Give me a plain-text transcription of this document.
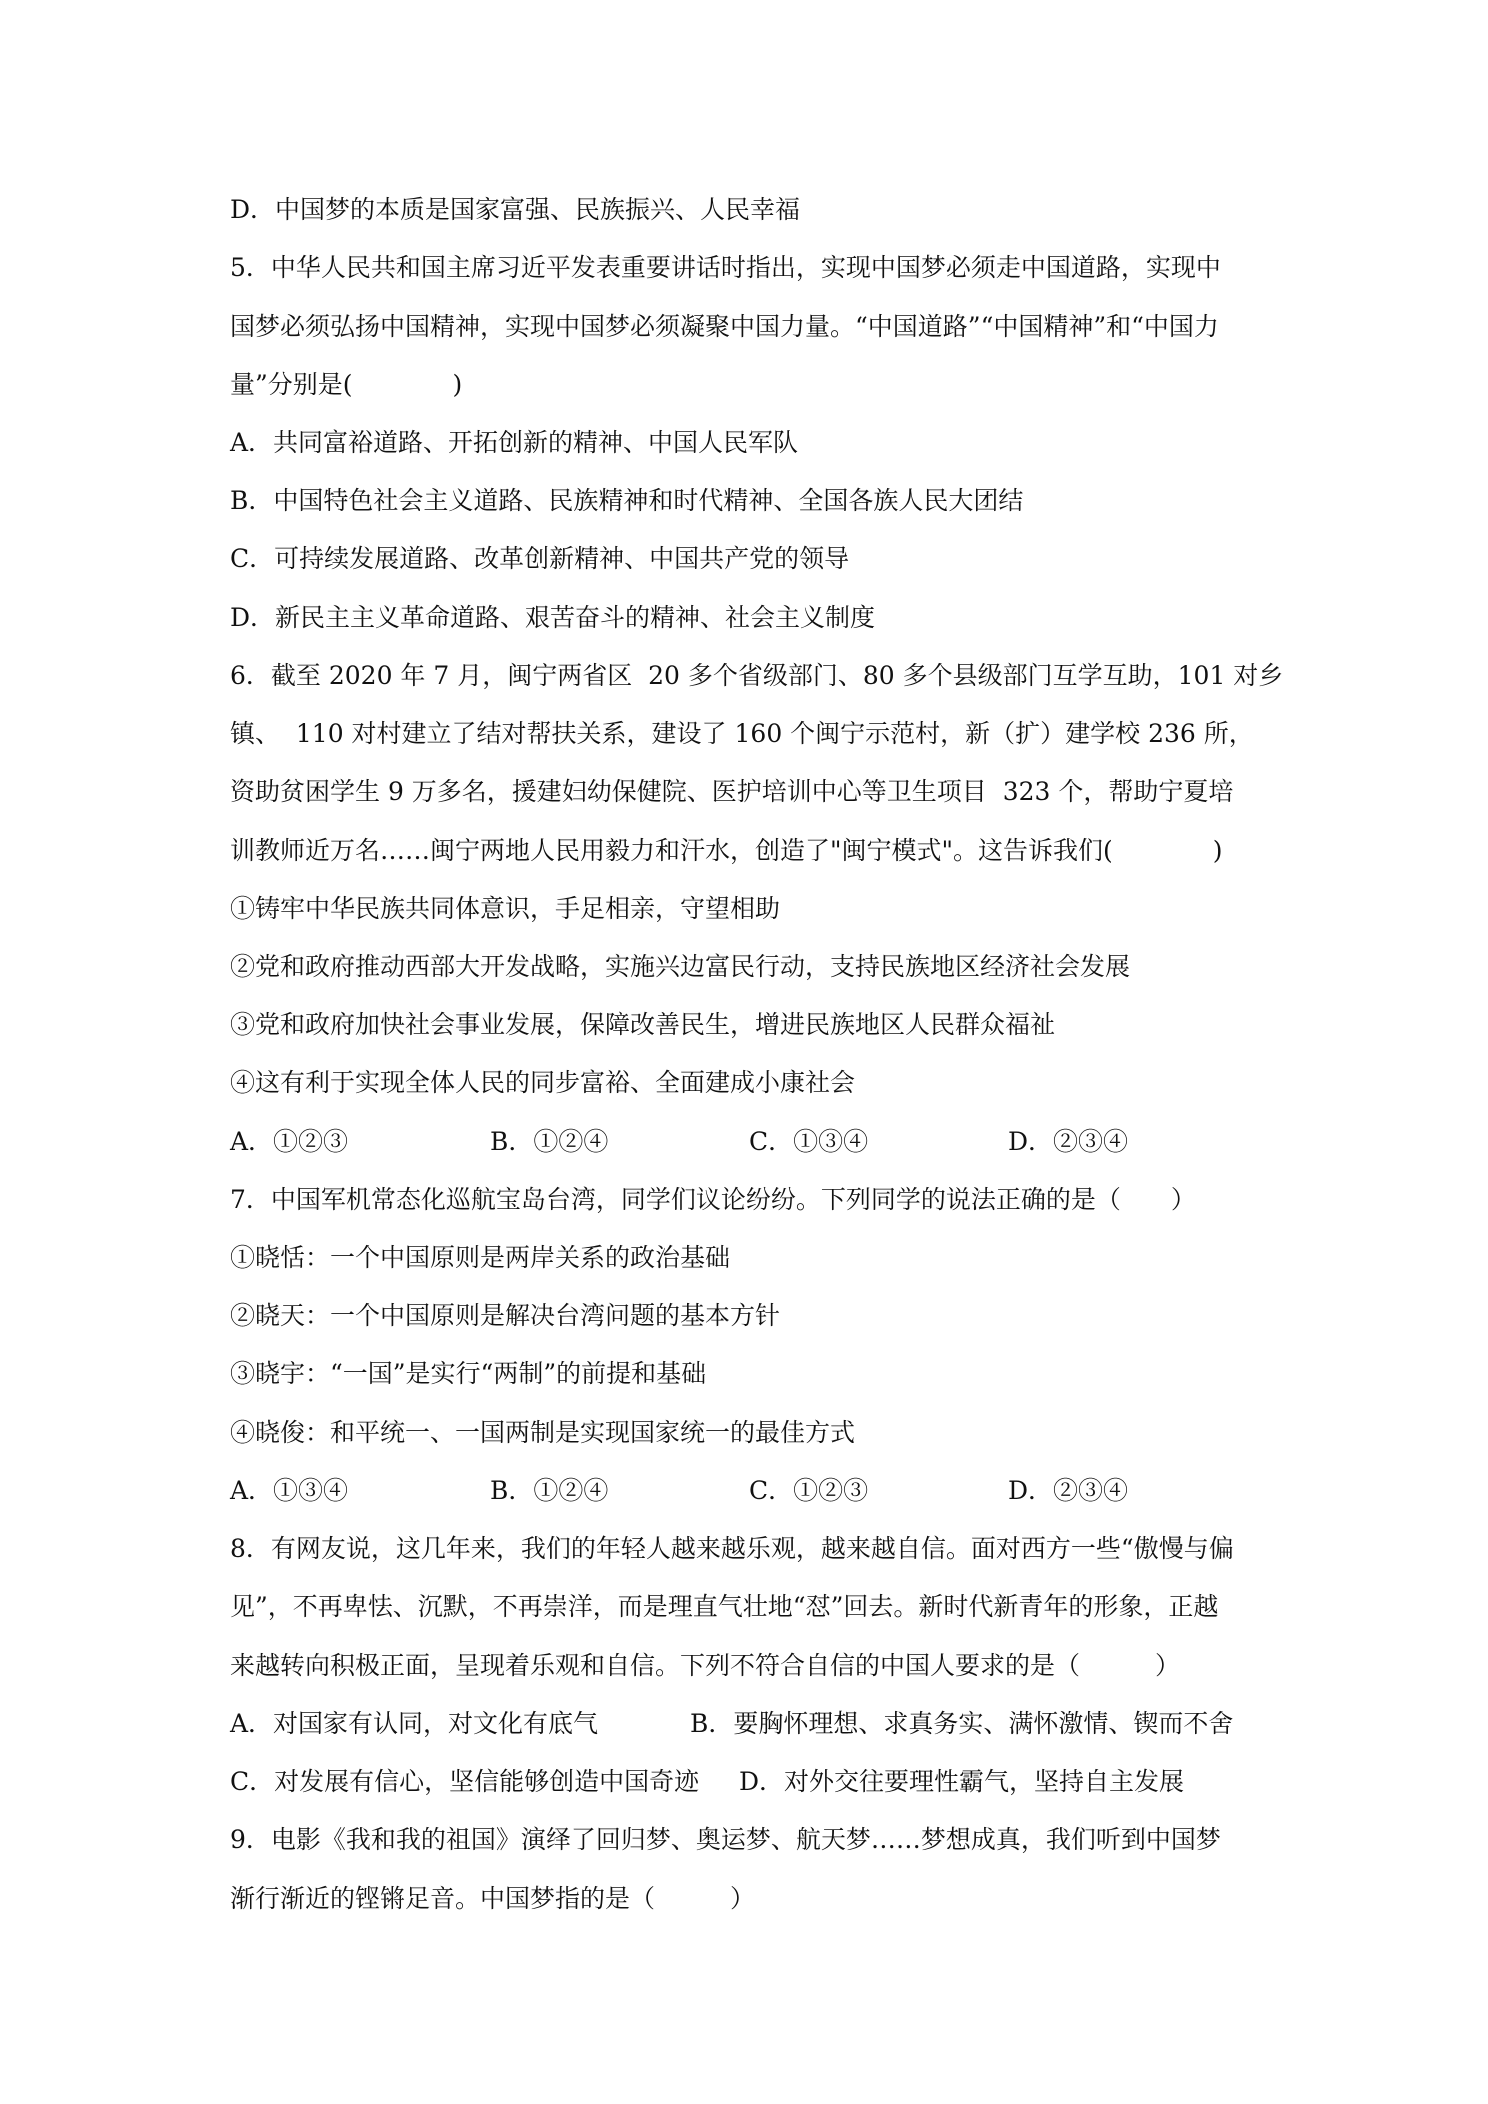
D．中国梦的本质是国家富强、民族振兴、人民幸福

5．中华人民共和国主席习近平发表重要讲话时指出，实现中国梦必须走中国道路，实现中

国梦必须弘扬中国精神，实现中国梦必须凝聚中国力量。“中国道路”“中国精神”和“中国力

量”分别是(　　　　)

A．共同富裕道路、开拓创新的精神、中国人民军队

B．中国特色社会主义道路、民族精神和时代精神、全国各族人民大团结

C．可持续发展道路、改革创新精神、中国共产党的领导

D．新民主主义革命道路、艰苦奋斗的精神、社会主义制度

6．截至 2020 年 7 月，闽宁两省区  20 多个省级部门、80 多个县级部门互学互助，101 对乡

镇、  110 对村建立了结对帮扶关系，建设了 160 个闽宁示范村，新（扩）建学校 236 所，

资助贫困学生 9 万多名，援建妇幼保健院、医护培训中心等卫生项目  323 个，帮助宁夏培

训教师近万名……闽宁两地人民用毅力和汗水，创造了"闽宁模式"。这告诉我们(　　　　)

①铸牢中华民族共同体意识，手足相亲，守望相助

②党和政府推动西部大开发战略，实施兴边富民行动，支持民族地区经济社会发展

③党和政府加快社会事业发展，保障改善民生，增进民族地区人民群众福祉

④这有利于实现全体人民的同步富裕、全面建成小康社会

A．①②③	B．①②④	C．①③④	D．②③④

7．中国军机常态化巡航宝岛台湾，同学们议论纷纷。下列同学的说法正确的是（　　）

①晓恬：一个中国原则是两岸关系的政治基础

②晓天：一个中国原则是解决台湾问题的基本方针

③晓宇：“一国”是实行“两制”的前提和基础

④晓俊：和平统一、一国两制是实现国家统一的最佳方式

A．①③④	B．①②④	C．①②③	D．②③④

8．有网友说，这几年来，我们的年轻人越来越乐观，越来越自信。面对西方一些“傲慢与偏

见”，不再卑怯、沉默，不再崇洋，而是理直气壮地“怼”回去。新时代新青年的形象，正越

来越转向积极正面，呈现着乐观和自信。下列不符合自信的中国人要求的是（　　　）

A．对国家有认同，对文化有底气	B．要胸怀理想、求真务实、满怀激情、锲而不舍
C．对发展有信心，坚信能够创造中国奇迹 D．对外交往要理性霸气，坚持自主发展

9．电影《我和我的祖国》演绎了回归梦、奥运梦、航天梦……梦想成真，我们听到中国梦

渐行渐近的铿锵足音。中国梦指的是（　　　）
